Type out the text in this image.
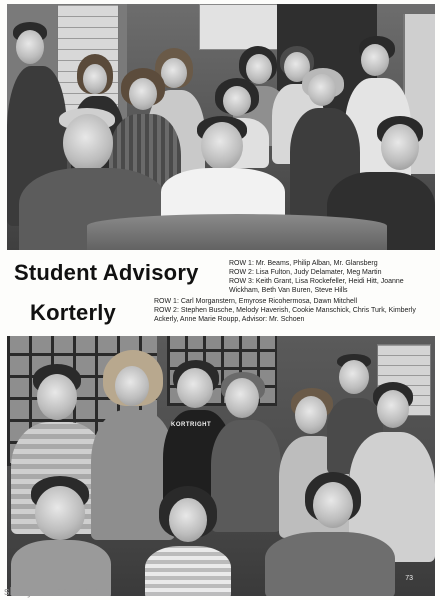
Student Advisory	ROW 1: Mr. Beams, Philip Alban, Mr. Glansberg
ROW 2: Lisa Fulton, Judy Delamater, Meg Martin
ROW 3: Keith Grant, Lisa Rockefeller, Heidi Hitt, Joanne Wickham, Beth Van Buren, Steve Hills
Korterly	ROW 1: Carl Morganstern, Emyrose Ricohermosa, Dawn Mitchell
ROW 2: Stephen Busche, Melody Haverish, Cookie Manschick, Chris Turk, Kimberly Ackerly, Anne Marie Roupp, Advisor: Mr. Schoen
KORTRIGHT
73
skcsyearbook.com
